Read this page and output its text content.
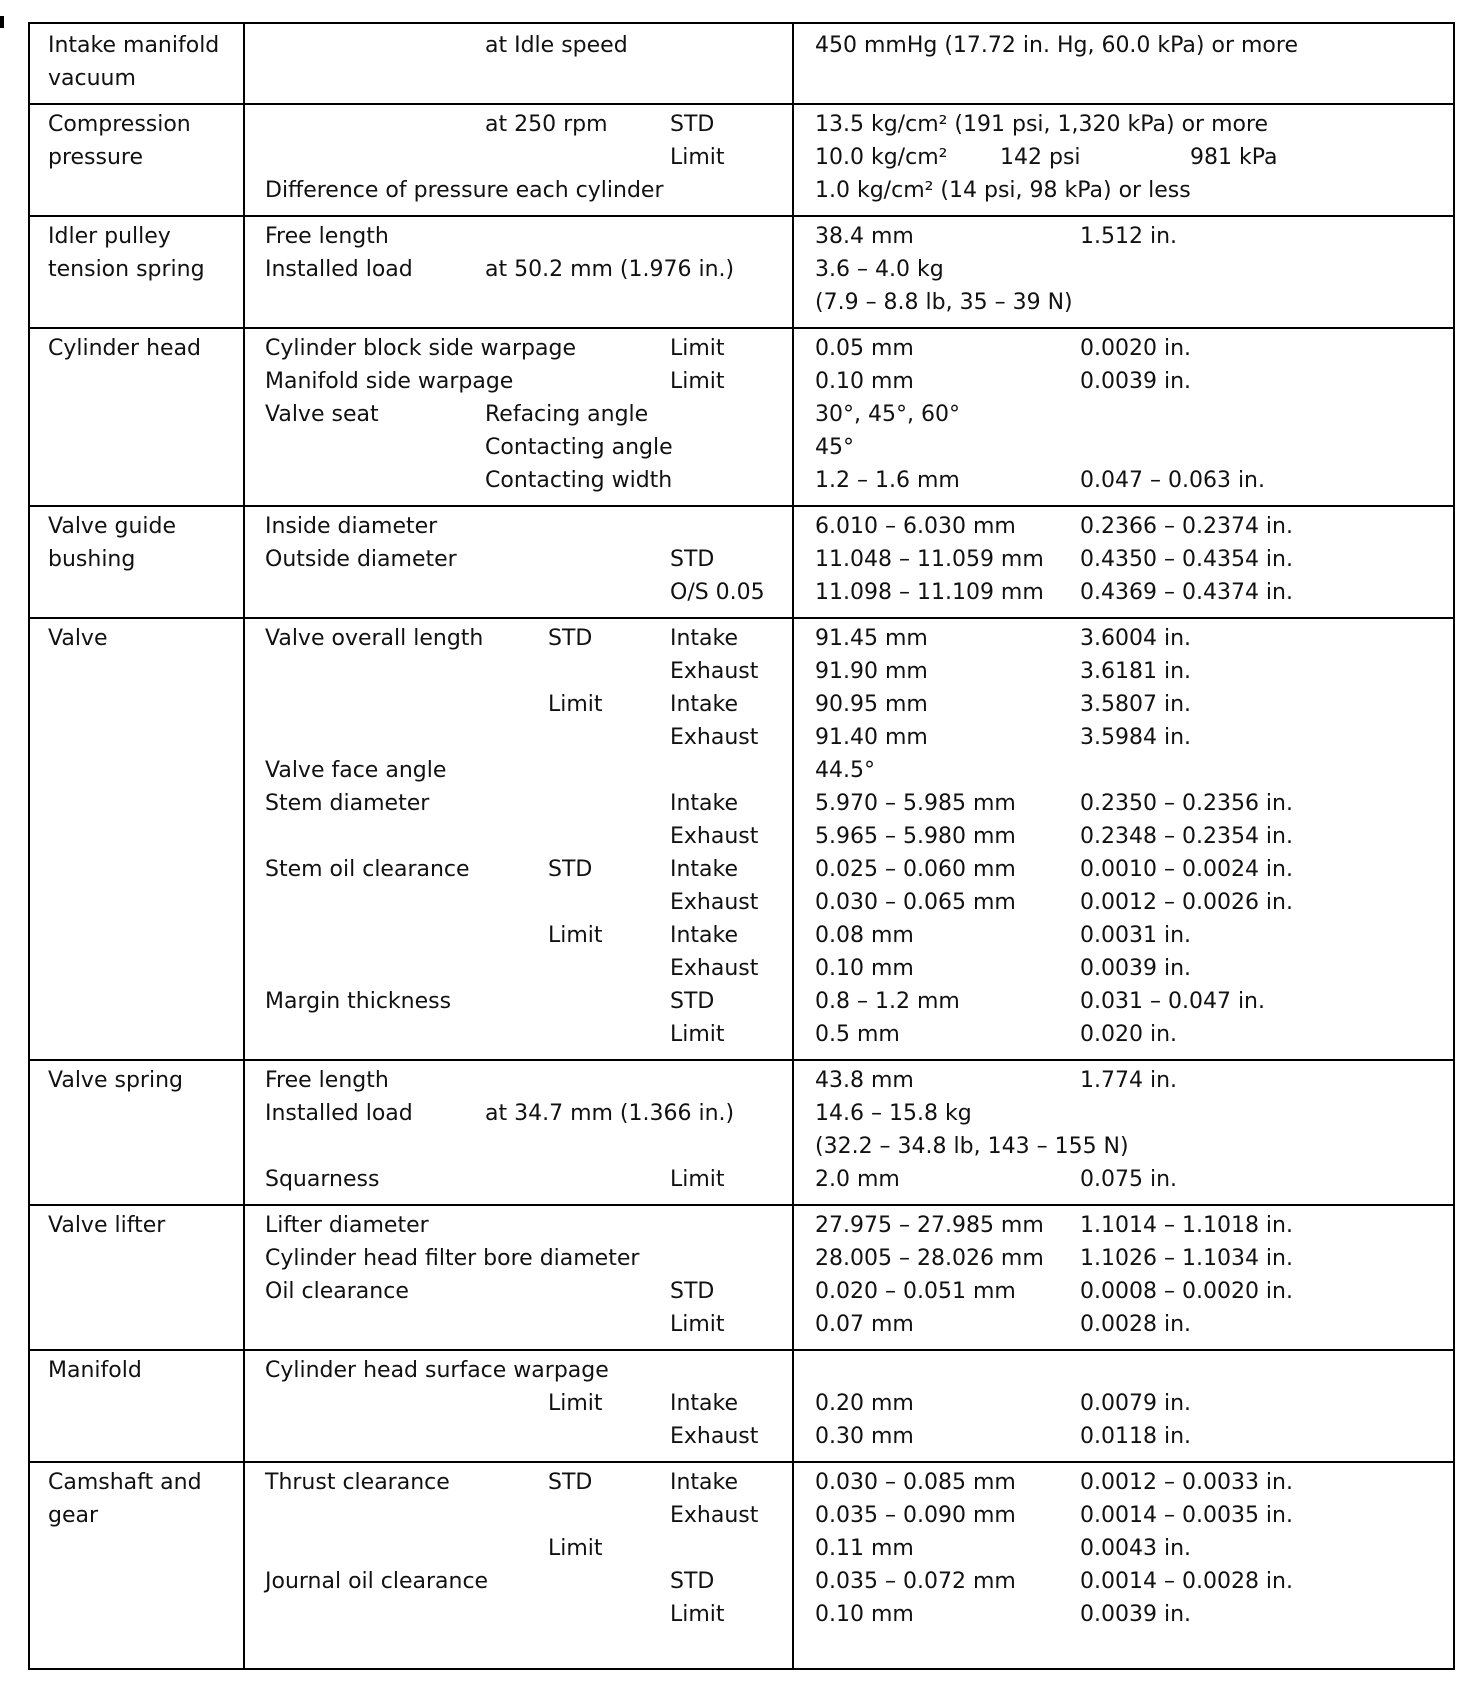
Intake manifold
vacuum
at Idle speed	450 mmHg (17.72 in. Hg, 60.0 kPa) or more
Compression
pressure
at 250 rpm	STD	13.5 kg/cm² (191 psi, 1,320 kPa) or more
Limit	10.0 kg/cm² 142 psi	981 kPa
Difference of pressure each cylinder	1.0 kg/cm² (14 psi, 98 kPa) or less
Idler pulley
tension spring
Free length	38.4 mm	1.512 in.
Installed load	at 50.2 mm (1.976 in.)	3.6 – 4.0 kg
(7.9 – 8.8 lb, 35 – 39 N)
Cylinder head	Cylinder block side warpage	Limit	0.05 mm	0.0020 in.
Manifold side warpage	Limit	0.10 mm	0.0039 in.
Valve seat	Refacing angle	30°, 45°, 60°
Contacting angle	45°
Contacting width	1.2 – 1.6 mm	0.047 – 0.063 in.
Valve guide
bushing
Inside diameter	6.010 – 6.030 mm	0.2366 – 0.2374 in.
Outside diameter	STD	11.048 – 11.059 mm 0.4350 – 0.4354 in.
O/S 0.05 11.098 – 11.109 mm 0.4369 – 0.4374 in.
Valve	Valve overall length	STD	Intake	91.45 mm	3.6004 in.
Exhaust	91.90 mm	3.6181 in.
Limit	Intake	90.95 mm	3.5807 in.
Exhaust	91.40 mm	3.5984 in.
Valve face angle	44.5°
Stem diameter	Intake	5.970 – 5.985 mm	0.2350 – 0.2356 in.
Exhaust	5.965 – 5.980 mm	0.2348 – 0.2354 in.
Stem oil clearance	STD	Intake	0.025 – 0.060 mm	0.0010 – 0.0024 in.
Exhaust	0.030 – 0.065 mm	0.0012 – 0.0026 in.
Limit	Intake	0.08 mm	0.0031 in.
Exhaust	0.10 mm	0.0039 in.
Margin thickness	STD	0.8 – 1.2 mm	0.031 – 0.047 in.
Limit	0.5 mm	0.020 in.
Valve spring	Free length	43.8 mm	1.774 in.
Installed load	at 34.7 mm (1.366 in.)	14.6 – 15.8 kg
(32.2 – 34.8 lb, 143 – 155 N)
Squarness	Limit	2.0 mm	0.075 in.
Valve lifter	Lifter diameter	27.975 – 27.985 mm 1.1014 – 1.1018 in.
Cylinder head filter bore diameter	28.005 – 28.026 mm 1.1026 – 1.1034 in.
Oil clearance	STD	0.020 – 0.051 mm	0.0008 – 0.0020 in.
Limit	0.07 mm	0.0028 in.
Manifold	Cylinder head surface warpage
Limit	Intake	0.20 mm	0.0079 in.
Exhaust	0.30 mm	0.0118 in.
Camshaft and
gear
Thrust clearance	STD	Intake	0.030 – 0.085 mm	0.0012 – 0.0033 in.
Exhaust	0.035 – 0.090 mm	0.0014 – 0.0035 in.
Limit	0.11 mm	0.0043 in.
Journal oil clearance	STD	0.035 – 0.072 mm	0.0014 – 0.0028 in.
Limit	0.10 mm	0.0039 in.
